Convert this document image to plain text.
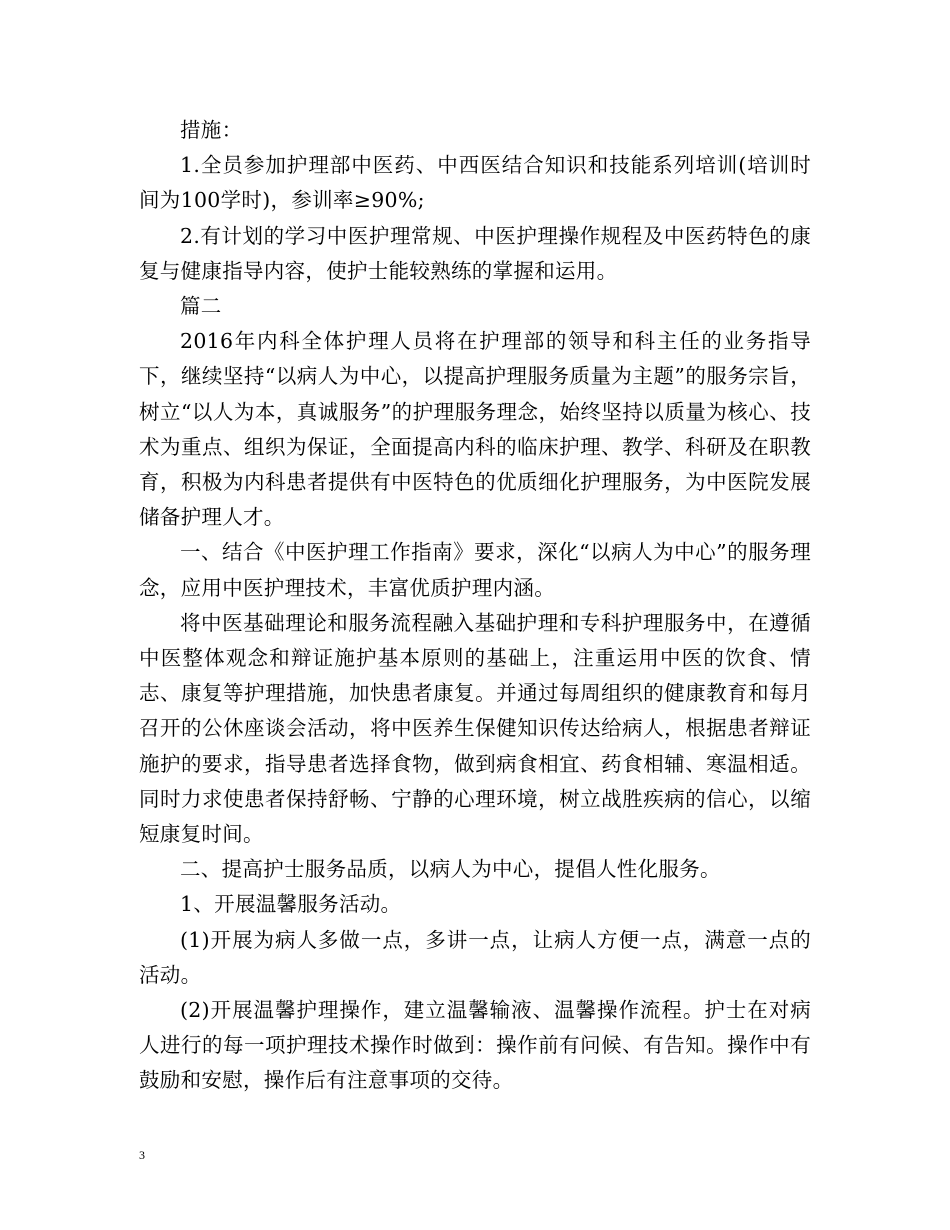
措施：

1.全员参加护理部中医药、中西医结合知识和技能系列培训(培训时间为100学时)，参训率≥90%;

2.有计划的学习中医护理常规、中医护理操作规程及中医药特色的康复与健康指导内容，使护士能较熟练的掌握和运用。

篇二

2016年内科全体护理人员将在护理部的领导和科主任的业务指导下，继续坚持“以病人为中心，以提高护理服务质量为主题”的服务宗旨，树立“以人为本，真诚服务”的护理服务理念，始终坚持以质量为核心、技术为重点、组织为保证，全面提高内科的临床护理、教学、科研及在职教育，积极为内科患者提供有中医特色的优质细化护理服务，为中医院发展储备护理人才。

一、结合《中医护理工作指南》要求，深化“以病人为中心”的服务理念，应用中医护理技术，丰富优质护理内涵。

将中医基础理论和服务流程融入基础护理和专科护理服务中，在遵循中医整体观念和辩证施护基本原则的基础上，注重运用中医的饮食、情志、康复等护理措施，加快患者康复。并通过每周组织的健康教育和每月召开的公休座谈会活动，将中医养生保健知识传达给病人，根据患者辩证施护的要求，指导患者选择食物，做到病食相宜、药食相辅、寒温相适。同时力求使患者保持舒畅、宁静的心理环境，树立战胜疾病的信心，以缩短康复时间。

二、提高护士服务品质，以病人为中心，提倡人性化服务。

1、开展温馨服务活动。

(1)开展为病人多做一点，多讲一点，让病人方便一点，满意一点的活动。

(2)开展温馨护理操作，建立温馨输液、温馨操作流程。护士在对病人进行的每一项护理技术操作时做到：操作前有问候、有告知。操作中有鼓励和安慰，操作后有注意事项的交待。

3
